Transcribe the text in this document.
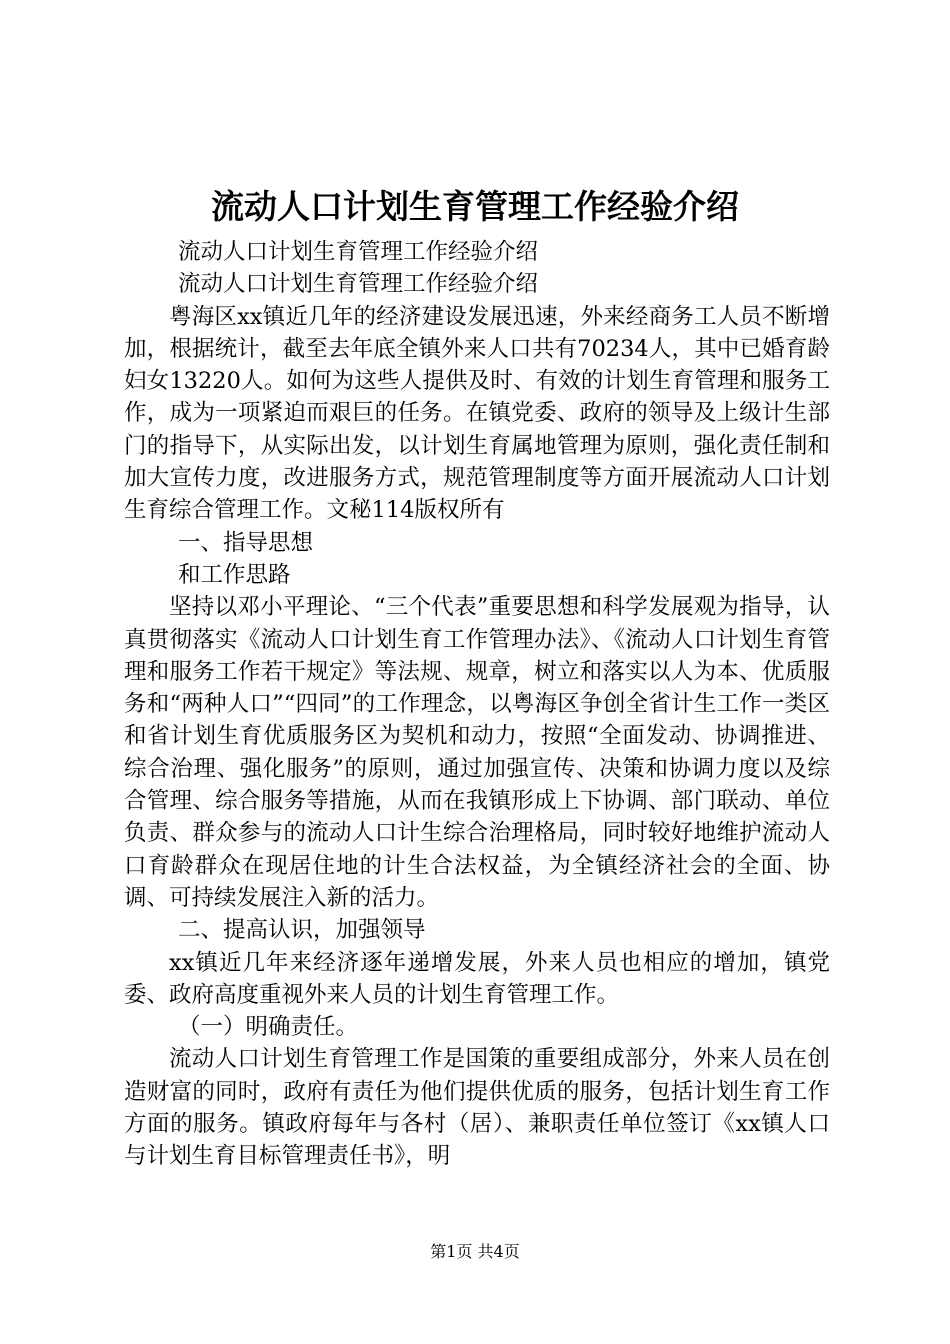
流动人口计划生育管理工作经验介绍

流动人口计划生育管理工作经验介绍

流动人口计划生育管理工作经验介绍

粤海区xx镇近几年的经济建设发展迅速，外来经商务工人员不断增加，根据统计，截至去年底全镇外来人口共有70234人，其中已婚育龄妇女13220人。如何为这些人提供及时、有效的计划生育管理和服务工作，成为一项紧迫而艰巨的任务。在镇党委、政府的领导及上级计生部门的指导下，从实际出发，以计划生育属地管理为原则，强化责任制和加大宣传力度，改进服务方式，规范管理制度等方面开展流动人口计划生育综合管理工作。文秘114版权所有

一、指导思想

和工作思路

坚持以邓小平理论、“三个代表”重要思想和科学发展观为指导，认真贯彻落实《流动人口计划生育工作管理办法》、《流动人口计划生育管理和服务工作若干规定》等法规、规章，树立和落实以人为本、优质服务和“两种人口”“四同”的工作理念，以粤海区争创全省计生工作一类区和省计划生育优质服务区为契机和动力，按照“全面发动、协调推进、综合治理、强化服务”的原则，通过加强宣传、决策和协调力度以及综合管理、综合服务等措施，从而在我镇形成上下协调、部门联动、单位负责、群众参与的流动人口计生综合治理格局，同时较好地维护流动人口育龄群众在现居住地的计生合法权益，为全镇经济社会的全面、协调、可持续发展注入新的活力。

二、提高认识，加强领导

xx镇近几年来经济逐年递增发展，外来人员也相应的增加，镇党委、政府高度重视外来人员的计划生育管理工作。

（一）明确责任。

流动人口计划生育管理工作是国策的重要组成部分，外来人员在创造财富的同时，政府有责任为他们提供优质的服务，包括计划生育工作方面的服务。镇政府每年与各村（居）、兼职责任单位签订《xx镇人口与计划生育目标管理责任书》，明

第1页 共4页
